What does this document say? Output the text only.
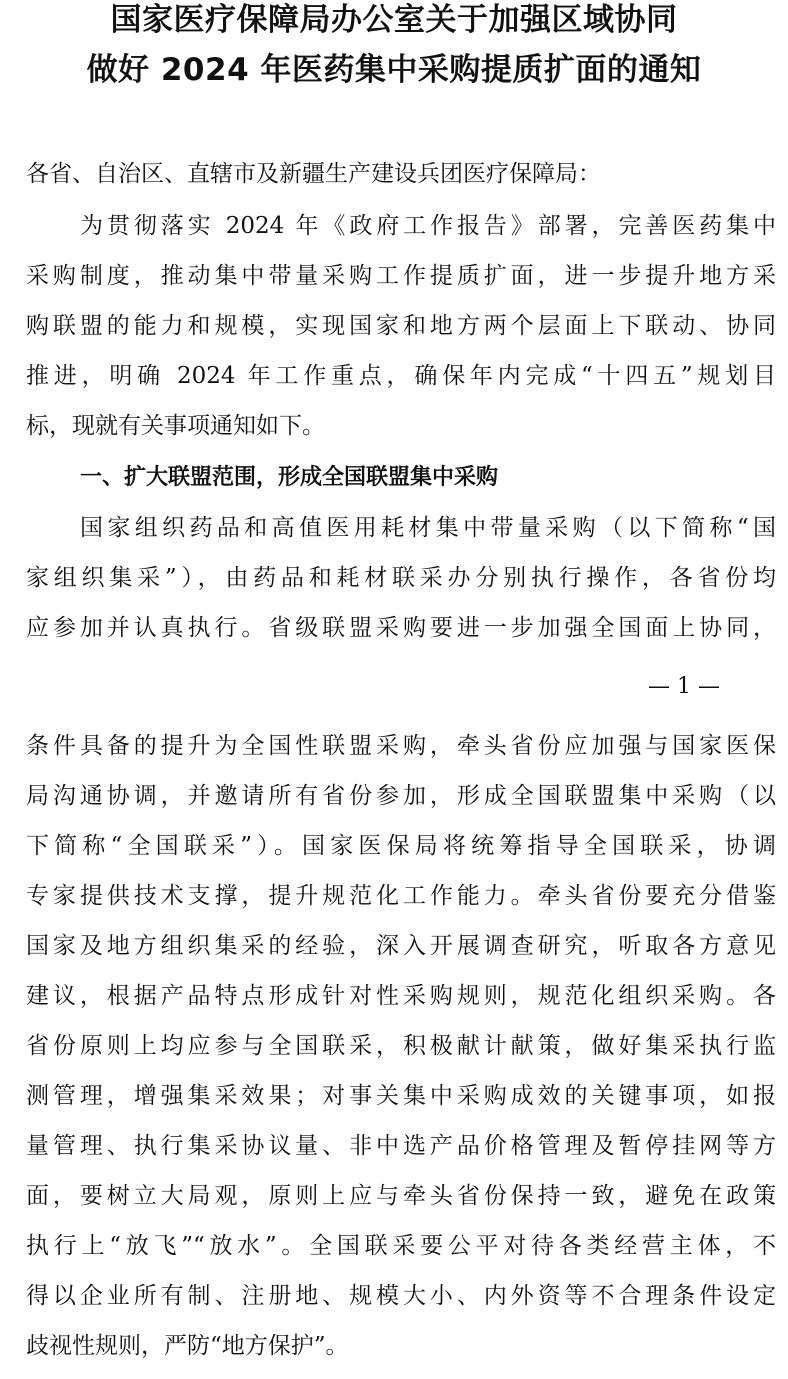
国家医疗保障局办公室关于加强区域协同
做好 2024 年医药集中采购提质扩面的通知
各省、自治区、直辖市及新疆生产建设兵团医疗保障局：
为贯彻落实 2024 年《政府工作报告》部署，完善医药集中
采购制度，推动集中带量采购工作提质扩面，进一步提升地方采
购联盟的能力和规模，实现国家和地方两个层面上下联动、协同
推进，明确 2024 年工作重点，确保年内完成“十四五”规划目
标，现就有关事项通知如下。
一、扩大联盟范围，形成全国联盟集中采购
国家组织药品和高值医用耗材集中带量采购（以下简称“国
家组织集采”），由药品和耗材联采办分别执行操作，各省份均
应参加并认真执行。省级联盟采购要进一步加强全国面上协同，
— 1 —
条件具备的提升为全国性联盟采购，牵头省份应加强与国家医保
局沟通协调，并邀请所有省份参加，形成全国联盟集中采购（以
下简称“全国联采”）。国家医保局将统筹指导全国联采，协调
专家提供技术支撑，提升规范化工作能力。牵头省份要充分借鉴
国家及地方组织集采的经验，深入开展调查研究，听取各方意见
建议，根据产品特点形成针对性采购规则，规范化组织采购。各
省份原则上均应参与全国联采，积极献计献策，做好集采执行监
测管理，增强集采效果；对事关集中采购成效的关键事项，如报
量管理、执行集采协议量、非中选产品价格管理及暂停挂网等方
面，要树立大局观，原则上应与牵头省份保持一致，避免在政策
执行上“放飞”“放水”。全国联采要公平对待各类经营主体，不
得以企业所有制、注册地、规模大小、内外资等不合理条件设定
歧视性规则，严防“地方保护”。
